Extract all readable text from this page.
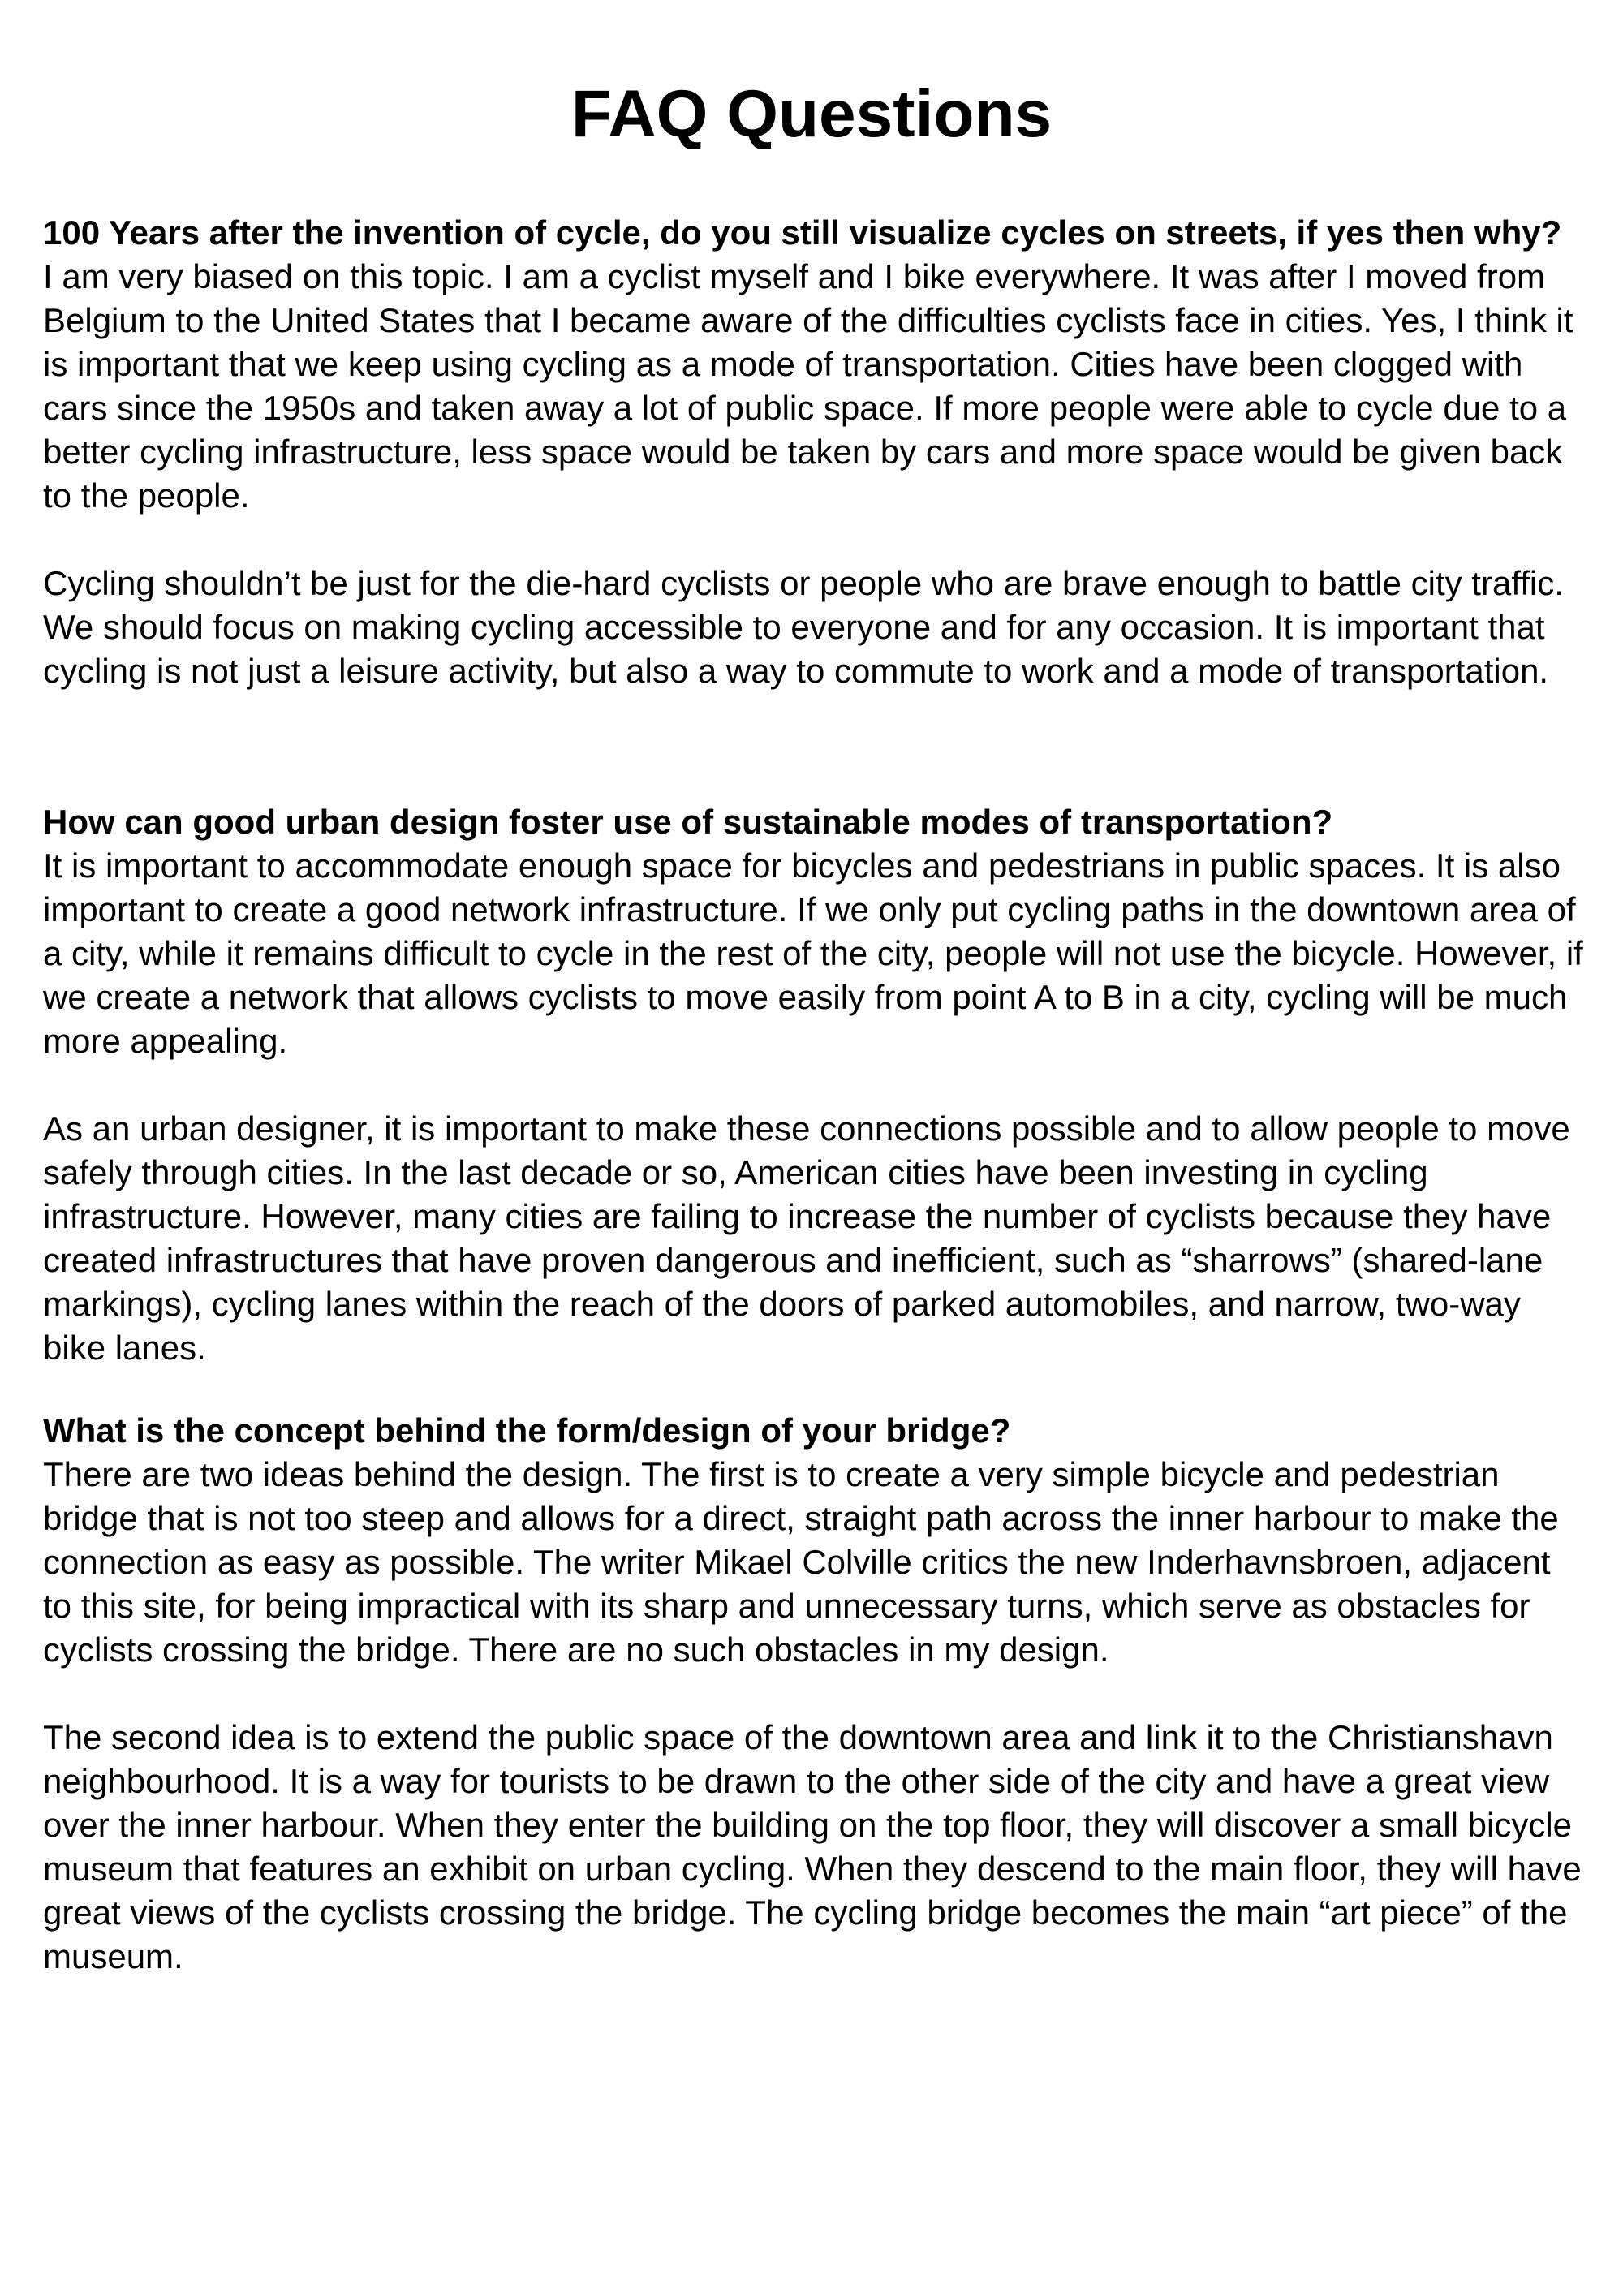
FAQ Questions

100 Years after the invention of cycle, do you still visualize cycles on streets, if yes then why?

I am very biased on this topic. I am a cyclist myself and I bike everywhere. It was after I moved from Belgium to the United States that I became aware of the difficulties cyclists face in cities. Yes, I think it is important that we keep using cycling as a mode of transportation. Cities have been clogged with cars since the 1950s and taken away a lot of public space. If more people were able to cycle due to a better cycling infrastructure, less space would be taken by cars and more space would be given back to the people.

Cycling shouldn’t be just for the die-hard cyclists or people who are brave enough to battle city traffic. We should focus on making cycling accessible to everyone and for any occasion. It is important that cycling is not just a leisure activity, but also a way to commute to work and a mode of transportation.

How can good urban design foster use of sustainable modes of transportation?

It is important to accommodate enough space for bicycles and pedestrians in public spaces. It is also important to create a good network infrastructure. If we only put cycling paths in the downtown area of a city, while it remains difficult to cycle in the rest of the city, people will not use the bicycle. However, if we create a network that allows cyclists to move easily from point A to B in a city, cycling will be much more appealing.

As an urban designer, it is important to make these connections possible and to allow people to move safely through cities. In the last decade or so, American cities have been investing in cycling infrastructure. However, many cities are failing to increase the number of cyclists because they have created infrastructures that have proven dangerous and inefficient, such as “sharrows” (shared-lane markings), cycling lanes within the reach of the doors of parked automobiles, and narrow, two-way bike lanes.

What is the concept behind the form/design of your bridge?

There are two ideas behind the design. The first is to create a very simple bicycle and pedestrian bridge that is not too steep and allows for a direct, straight path across the inner harbour to make the connection as easy as possible. The writer Mikael Colville critics the new Inderhavnsbroen, adjacent to this site, for being impractical with its sharp and unnecessary turns, which serve as obstacles for cyclists crossing the bridge. There are no such obstacles in my design.

The second idea is to extend the public space of the downtown area and link it to the Christianshavn neighbourhood. It is a way for tourists to be drawn to the other side of the city and have a great view over the inner harbour. When they enter the building on the top floor, they will discover a small bicycle museum that features an exhibit on urban cycling. When they descend to the main floor, they will have great views of the cyclists crossing the bridge. The cycling bridge becomes the main “art piece” of the museum.
